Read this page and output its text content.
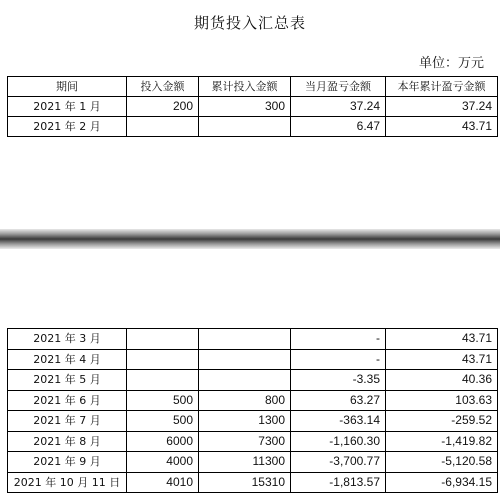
期货投入汇总表
单位：万元
期间	投入金额	累计投入金额	当月盈亏金额	本年累计盈亏金额
2021 年 1 月	200	300	37.24	37.24
2021 年 2 月			6.47	43.71
2021 年 3 月			-	43.71
2021 年 4 月			-	43.71
2021 年 5 月			-3.35	40.36
2021 年 6 月	500	800	63.27	103.63
2021 年 7 月	500	1300	-363.14	-259.52
2021 年 8 月	6000	7300	-1,160.30	-1,419.82
2021 年 9 月	4000	11300	-3,700.77	-5,120.58
2021 年 10 月 11 日	4010	15310	-1,813.57	-6,934.15
